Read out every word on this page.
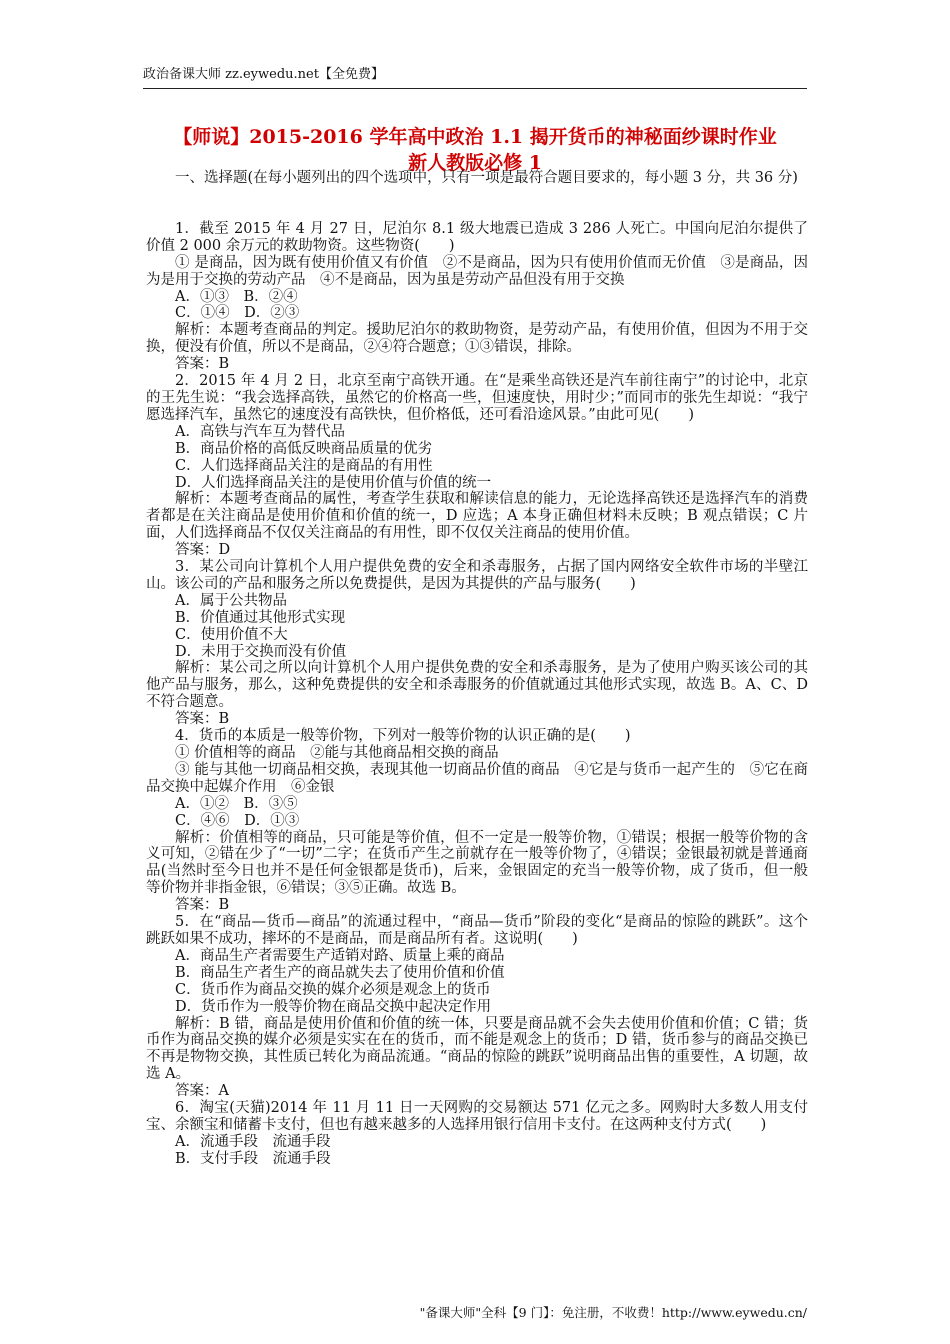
政治备课大师 zz.eywedu.net【全免费】
【师说】2015-2016 学年高中政治 1.1 揭开货币的神秘面纱课时作业
新人教版必修 1

一、选择题(在每小题列出的四个选项中，只有一项是最符合题目要求的，每小题 3 分，共 36 分)

1．截至 2015 年 4 月 27 日，尼泊尔 8.1 级大地震已造成 3 286 人死亡。中国向尼泊尔提供了价值 2 000 余万元的救助物资。这些物资(　　)

① 是商品，因为既有使用价值又有价值　②不是商品，因为只有使用价值而无价值　③是商品，因为是用于交换的劳动产品　④不是商品，因为虽是劳动产品但没有用于交换

A．①③　B．②④

C．①④　D．②③

解析：本题考查商品的判定。援助尼泊尔的救助物资，是劳动产品，有使用价值，但因为不用于交换，便没有价值，所以不是商品，②④符合题意；①③错误，排除。

答案：B

2．2015 年 4 月 2 日，北京至南宁高铁开通。在“是乘坐高铁还是汽车前往南宁”的讨论中，北京的王先生说：“我会选择高铁，虽然它的价格高一些，但速度快，用时少；”而同市的张先生却说：“我宁愿选择汽车，虽然它的速度没有高铁快，但价格低，还可看沿途风景。”由此可见(　　)

A．高铁与汽车互为替代品

B．商品价格的高低反映商品质量的优劣

C．人们选择商品关注的是商品的有用性

D．人们选择商品关注的是使用价值与价值的统一

解析：本题考查商品的属性，考查学生获取和解读信息的能力，无论选择高铁还是选择汽车的消费者都是在关注商品是使用价值和价值的统一，D 应选；A 本身正确但材料未反映；B 观点错误；C 片面，人们选择商品不仅仅关注商品的有用性，即不仅仅关注商品的使用价值。

答案：D

3．某公司向计算机个人用户提供免费的安全和杀毒服务，占据了国内网络安全软件市场的半壁江山。该公司的产品和服务之所以免费提供，是因为其提供的产品与服务(　　)

A．属于公共物品

B．价值通过其他形式实现

C．使用价值不大

D．未用于交换而没有价值

解析：某公司之所以向计算机个人用户提供免费的安全和杀毒服务，是为了使用户购买该公司的其他产品与服务，那么，这种免费提供的安全和杀毒服务的价值就通过其他形式实现，故选 B。A、C、D 不符合题意。

答案：B

4．货币的本质是一般等价物，下列对一般等价物的认识正确的是(　　)

① 价值相等的商品　②能与其他商品相交换的商品

③ 能与其他一切商品相交换，表现其他一切商品价值的商品　④它是与货币一起产生的　⑤它在商品交换中起媒介作用　⑥金银

A．①②　B．③⑤

C．④⑥　D．①③

解析：价值相等的商品，只可能是等价值，但不一定是一般等价物，①错误；根据一般等价物的含义可知，②错在少了“一切”二字；在货币产生之前就存在一般等价物了，④错误；金银最初就是普通商品(当然时至今日也并不是任何金银都是货币)，后来，金银固定的充当一般等价物，成了货币，但一般等价物并非指金银，⑥错误；③⑤正确。故选 B。

答案：B

5．在“商品—货币—商品”的流通过程中，“商品—货币”阶段的变化“是商品的惊险的跳跃”。这个跳跃如果不成功，摔坏的不是商品，而是商品所有者。这说明(　　)

A．商品生产者需要生产适销对路、质量上乘的商品

B．商品生产者生产的商品就失去了使用价值和价值

C．货币作为商品交换的媒介必须是观念上的货币

D．货币作为一般等价物在商品交换中起决定作用

解析：B 错，商品是使用价值和价值的统一体，只要是商品就不会失去使用价值和价值；C 错；货币作为商品交换的媒介必须是实实在在的货币，而不能是观念上的货币；D 错，货币参与的商品交换已不再是物物交换，其性质已转化为商品流通。“商品的惊险的跳跃”说明商品出售的重要性，A 切题，故选 A。

答案：A

6．淘宝(天猫)2014 年 11 月 11 日一天网购的交易额达 571 亿元之多。网购时大多数人用支付宝、余额宝和储蓄卡支付，但也有越来越多的人选择用银行信用卡支付。在这两种支付方式(　　)

A．流通手段　流通手段

B．支付手段　流通手段

"备课大师"全科【9 门】：免注册，不收费！http://www.eywedu.cn/
